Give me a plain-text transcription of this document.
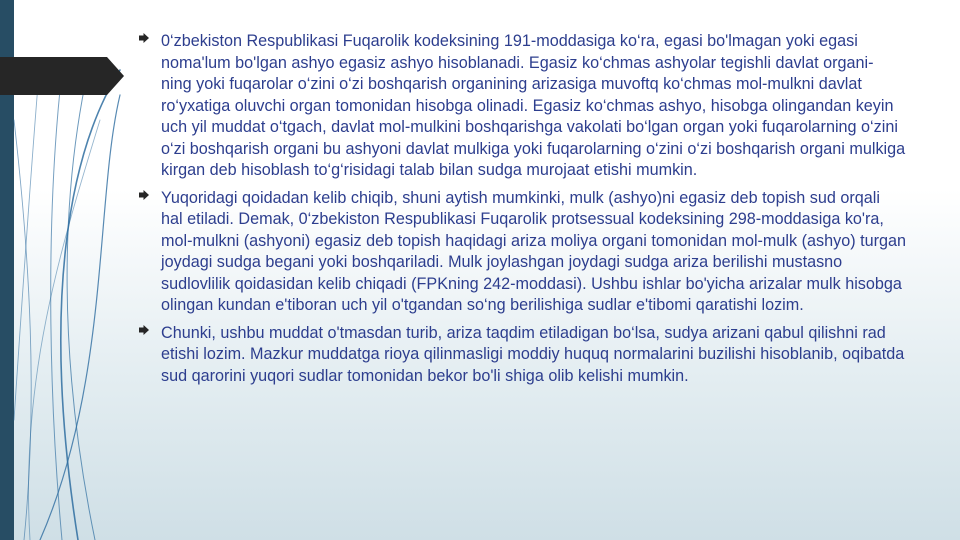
0‘zbekiston Respublikasi Fuqarolik kodeksining 191-moddasiga ko‘ra, egasi bo'lmagan yoki egasi noma'lum bo'lgan ashyo egasiz ashyo hisoblanadi. Egasiz ko‘chmas ashyolar tegishli davlat organi- ning yoki fuqarolar o‘zini o‘zi boshqarish organining arizasiga muvoftq ko‘chmas mol-mulkni davlat ro‘yxatiga oluvchi organ tomonidan hisobga olinadi. Egasiz ko‘chmas ashyo, hisobga olingandan keyin uch yil muddat o‘tgach, davlat mol-mulkini boshqarishga vakolati bo‘lgan organ yoki fuqarolarning o‘zini o‘zi boshqarish organi bu ashyoni davlat mulkiga yoki fuqarolarning o‘zini o‘zi boshqarish organi mulkiga kirgan deb hisoblash to‘g‘risidagi talab bilan sudga murojaat etishi mumkin.
Yuqoridagi qoidadan kelib chiqib, shuni aytish mumkinki, mulk (ashyo)ni egasiz deb topish sud orqali hal etiladi. Demak, 0‘zbekiston Respublikasi Fuqarolik protsessual kodeksining 298-moddasiga ko'ra, mol-mulkni (ashyoni) egasiz deb topish haqidagi ariza moliya organi tomonidan mol-mulk (ashyo) turgan joydagi sudga begani yoki boshqariladi. Mulk joylashgan joydagi sudga ariza berilishi mustasno sudlovlilik qoidasidan kelib chiqadi (FPKning 242-moddasi). Ushbu ishlar bo'yicha arizalar mulk hisobga olingan kundan e'tiboran uch yil o'tgandan so‘ng berilishiga sudlar e'tibomi qaratishi lozim.
Chunki, ushbu muddat o'tmasdan turib, ariza taqdim etiladigan bo‘lsa, sudya arizani qabul qilishni rad etishi lozim. Mazkur muddatga rioya qilinmasligi moddiy huquq normalarini buzilishi hisoblanib, oqibatda sud qarorini yuqori sudlar tomonidan bekor bo'li shiga olib kelishi mumkin.
